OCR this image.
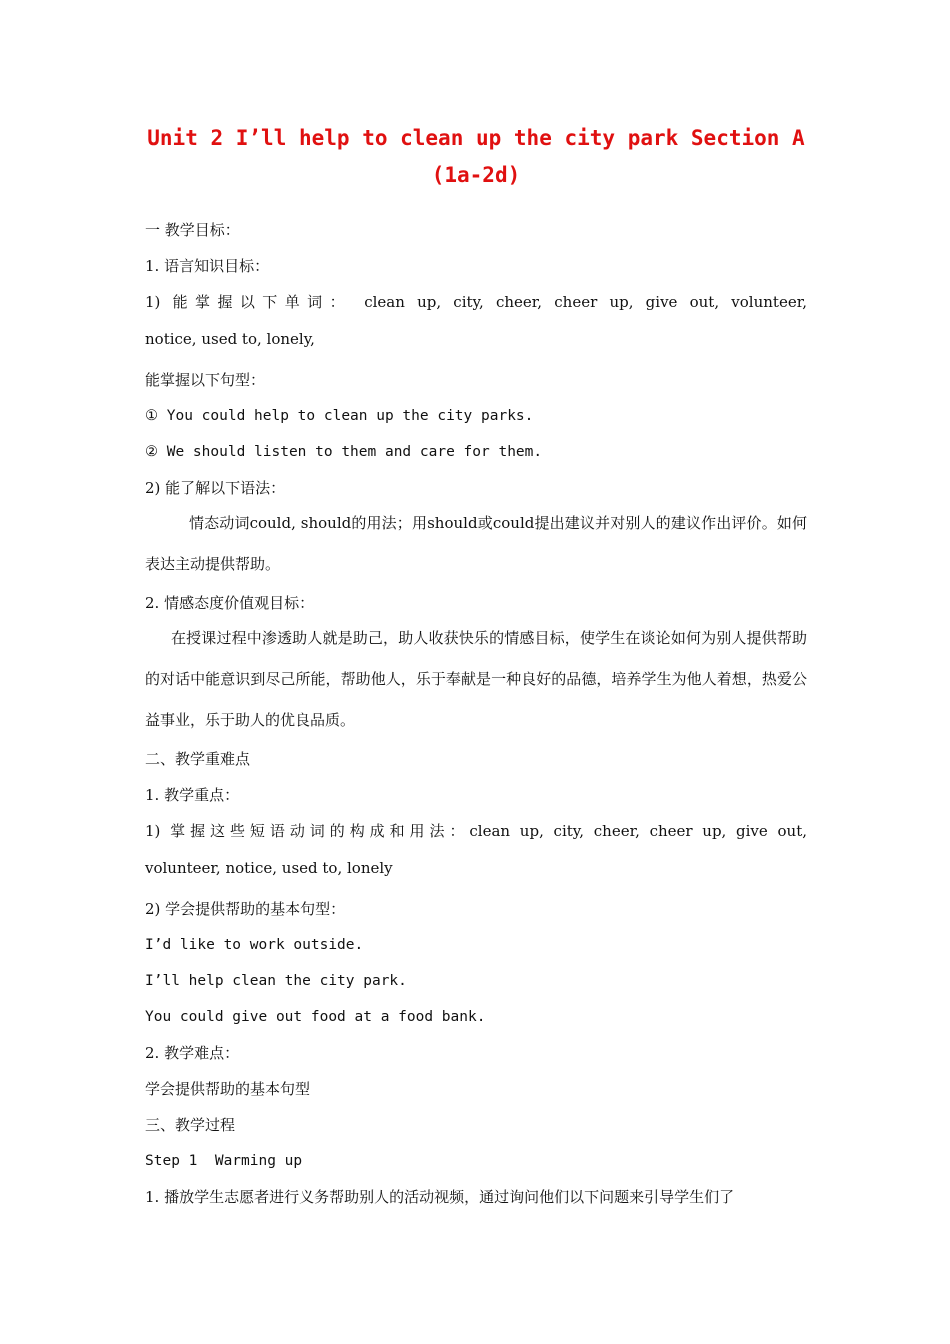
Unit 2 I’ll help to clean up the city park Section A (1a-2d)
一 教学目标：
1. 语言知识目标：
1) 能掌握以下单词： clean up, city, cheer, cheer up, give out, volunteer,
notice, used to, lonely,
能掌握以下句型：
① You could help to clean up the city parks.
② We should listen to them and care for them.
2) 能了解以下语法：
情态动词could, should的用法；用should或could提出建议并对别人的建议作出评价。如何表达主动提供帮助。
2. 情感态度价值观目标：
在授课过程中渗透助人就是助己，助人收获快乐的情感目标，使学生在谈论如何为别人提供帮助的对话中能意识到尽己所能，帮助他人，乐于奉献是一种良好的品德，培养学生为他人着想，热爱公益事业，乐于助人的优良品质。
二、教学重难点
1. 教学重点：
1) 掌握这些短语动词的构成和用法：clean up, city, cheer, cheer up, give out,
volunteer, notice, used to, lonely
2) 学会提供帮助的基本句型：
I’d like to work outside.
I’ll help clean the city park.
You could give out food at a food bank.
2. 教学难点：
学会提供帮助的基本句型
三、教学过程
Step 1  Warming up
1. 播放学生志愿者进行义务帮助别人的活动视频，通过询问他们以下问题来引导学生们了
